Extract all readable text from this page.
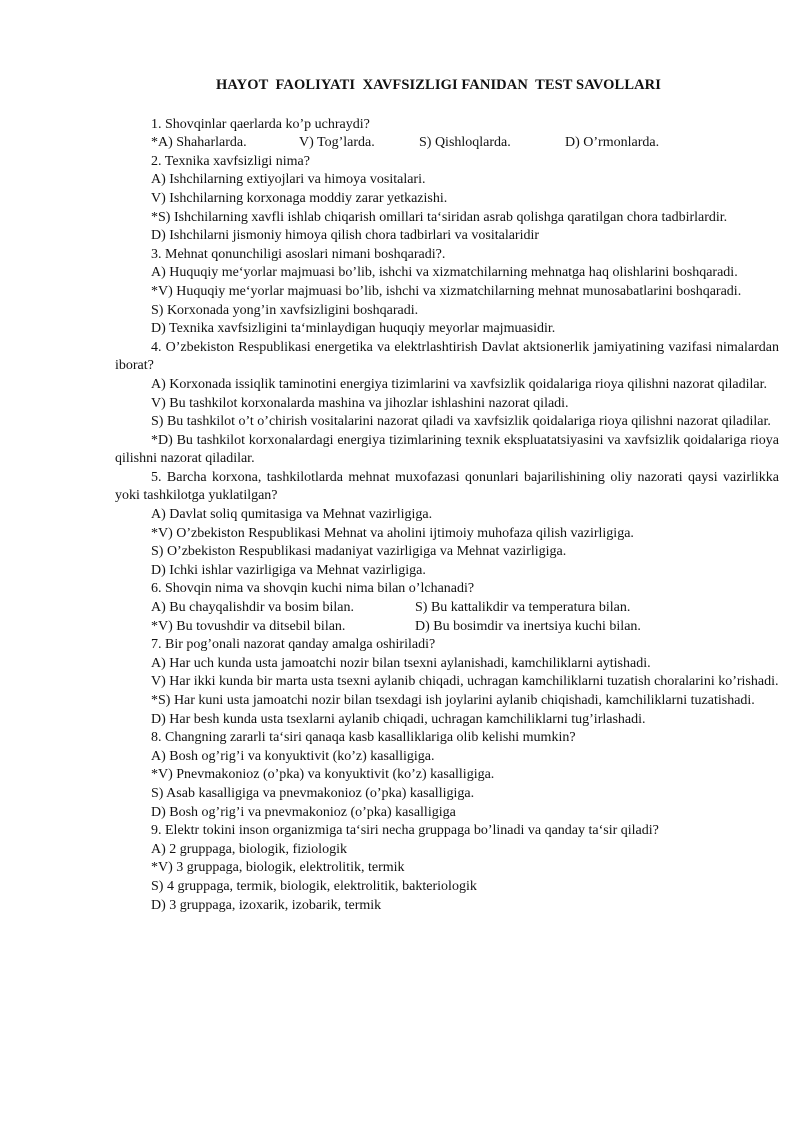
HAYOT  FAOLIYATI  XAVFSIZLIGI FANIDAN  TEST SAVOLLARI

1. Shovqinlar qaerlarda ko’p uchraydi?

*A) Shaharlarda.	V) Tog’larda.	S) Qishloqlarda.	D) O’rmonlarda.

2. Texnika xavfsizligi nima?

A) Ishchilarning extiyojlari va himoya vositalari.

V) Ishchilarning korxonaga moddiy zarar yetkazishi.

*S) Ishchilarning xavfli ishlab chiqarish omillari ta‘siridan asrab qolishga qaratilgan chora tadbirlardir.

D) Ishchilarni jismoniy himoya qilish chora tadbirlari va vositalaridir

3. Mehnat qonunchiligi asoslari nimani boshqaradi?.

A) Huquqiy me‘yorlar majmuasi bo’lib, ishchi va xizmatchilarning mehnatga haq olishlarini boshqaradi.

*V) Huquqiy me‘yorlar majmuasi bo’lib, ishchi va xizmatchilarning mehnat munosabatlarini boshqaradi.

S) Korxonada yong’in xavfsizligini boshqaradi.

D) Texnika xavfsizligini ta‘minlaydigan huquqiy meyorlar majmuasidir.

4. O’zbekiston Respublikasi energetika va elektrlashtirish Davlat aktsionerlik jamiyatining vazifasi nimalardan iborat?

A) Korxonada issiqlik taminotini energiya tizimlarini va xavfsizlik qoidalariga rioya qilishni nazorat qiladilar.

V) Bu tashkilot korxonalarda mashina va jihozlar ishlashini nazorat qiladi.

S) Bu tashkilot o’t o’chirish vositalarini nazorat qiladi va xavfsizlik qoidalariga rioya qilishni nazorat qiladilar.

*D) Bu tashkilot korxonalardagi energiya tizimlarining texnik ekspluatatsiyasini va xavfsizlik qoidalariga rioya qilishni nazorat qiladilar.

5. Barcha korxona, tashkilotlarda mehnat muxofazasi qonunlari bajarilishining oliy nazorati qaysi vazirlikka yoki tashkilotga yuklatilgan?

A) Davlat soliq qumitasiga va Mehnat vazirligiga.

*V) O’zbekiston Respublikasi Mehnat va aholini ijtimoiy muhofaza qilish vazirligiga.

S) O’zbekiston Respublikasi madaniyat vazirligiga va Mehnat vazirligiga.

D) Ichki ishlar vazirligiga va Mehnat vazirligiga.

6. Shovqin nima va shovqin kuchi nima bilan o’lchanadi?

A) Bu chayqalishdir va bosim bilan.	S) Bu kattalikdir va temperatura bilan.
*V) Bu tovushdir va ditsebil bilan.	D) Bu bosimdir va inertsiya kuchi bilan.

7. Bir pog’onali nazorat qanday amalga oshiriladi?

A) Har uch kunda usta jamoatchi nozir bilan tsexni aylanishadi, kamchiliklarni aytishadi.

V) Har ikki kunda bir marta usta tsexni aylanib chiqadi, uchragan kamchiliklarni tuzatish choralarini ko’rishadi.

*S) Har kuni usta jamoatchi nozir bilan tsexdagi ish joylarini aylanib chiqishadi, kamchiliklarni tuzatishadi.

D) Har besh kunda usta tsexlarni aylanib chiqadi, uchragan kamchiliklarni tug’irlashadi.

8. Changning zararli ta‘siri qanaqa kasb kasalliklariga olib kelishi mumkin?

A) Bosh og’rig’i va konyuktivit (ko’z) kasalligiga.

*V) Pnevmakonioz (o’pka) va konyuktivit (ko’z) kasalligiga.

S) Asab kasalligiga va pnevmakonioz (o’pka) kasalligiga.

D) Bosh og’rig’i va pnevmakonioz (o’pka) kasalligiga

9. Elektr tokini inson organizmiga ta‘siri necha gruppaga bo’linadi va qanday ta‘sir qiladi?

A) 2 gruppaga, biologik, fiziologik

*V) 3 gruppaga, biologik, elektrolitik, termik

S) 4 gruppaga, termik, biologik, elektrolitik, bakteriologik

D) 3 gruppaga, izoxarik, izobarik, termik
